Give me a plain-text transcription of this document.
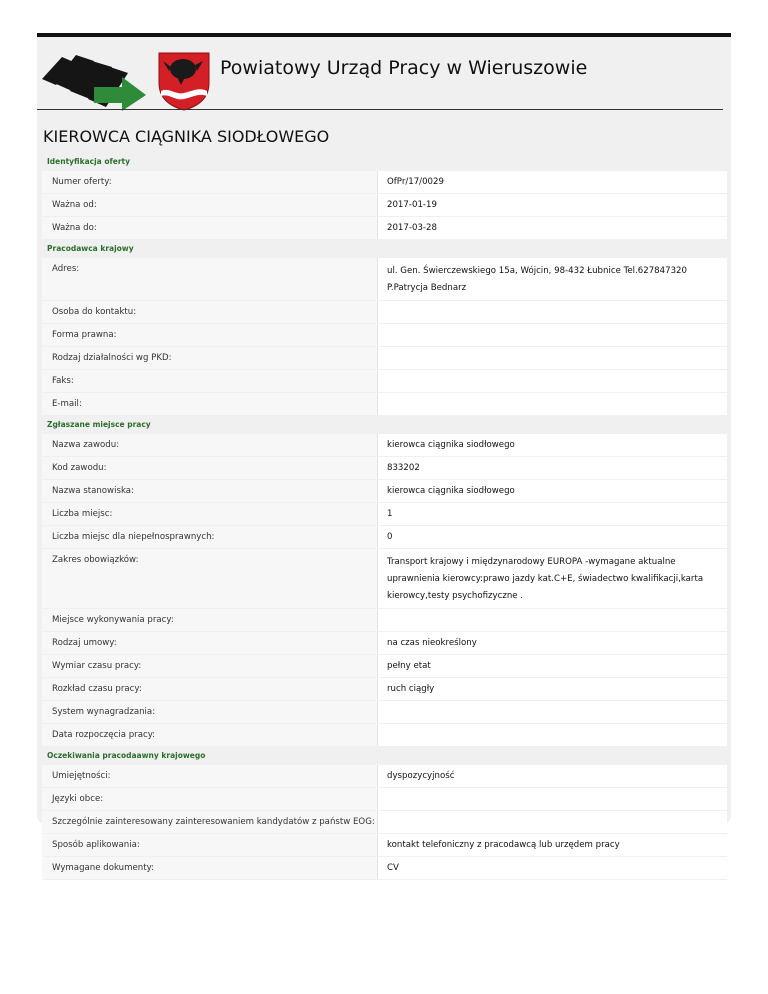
Powiatowy Urząd Pracy w Wieruszowie
KIEROWCA CIĄGNIKA SIODŁOWEGO
Identyfikacja oferty
Numer oferty:	OfPr/17/0029
Ważna od:	2017-01-19
Ważna do:	2017-03-28
Pracodawca krajowy
Adres:	ul. Gen. Świerczewskiego 15a, Wójcin, 98-432 Łubnice Tel.627847320 P.Patrycja Bednarz
Osoba do kontaktu:
Forma prawna:
Rodzaj działalności wg PKD:
Faks:
E-mail:
Zgłaszane miejsce pracy
Nazwa zawodu:	kierowca ciągnika siodłowego
Kod zawodu:	833202
Nazwa stanowiska:	kierowca ciągnika siodłowego
Liczba miejsc:	1
Liczba miejsc dla niepełnosprawnych:	0
Zakres obowiązków:	Transport krajowy i międzynarodowy EUROPA -wymagane aktualne uprawnienia kierowcy:prawo jazdy kat.C+E, świadectwo kwalifikacji,karta kierowcy,testy psychofizyczne .
Miejsce wykonywania pracy:
Rodzaj umowy:	na czas nieokreślony
Wymiar czasu pracy:	pełny etat
Rozkład czasu pracy:	ruch ciągły
System wynagradzania:
Data rozpoczęcia pracy:
Oczekiwania pracodaawny krajowego
Umiejętności:	dyspozycyjność
Języki obce:
Szczególnie zainteresowany zainteresowaniem kandydatów z państw EOG:
Sposób aplikowania:	kontakt telefoniczny z pracodawcą lub urzędem pracy
Wymagane dokumenty:	CV
